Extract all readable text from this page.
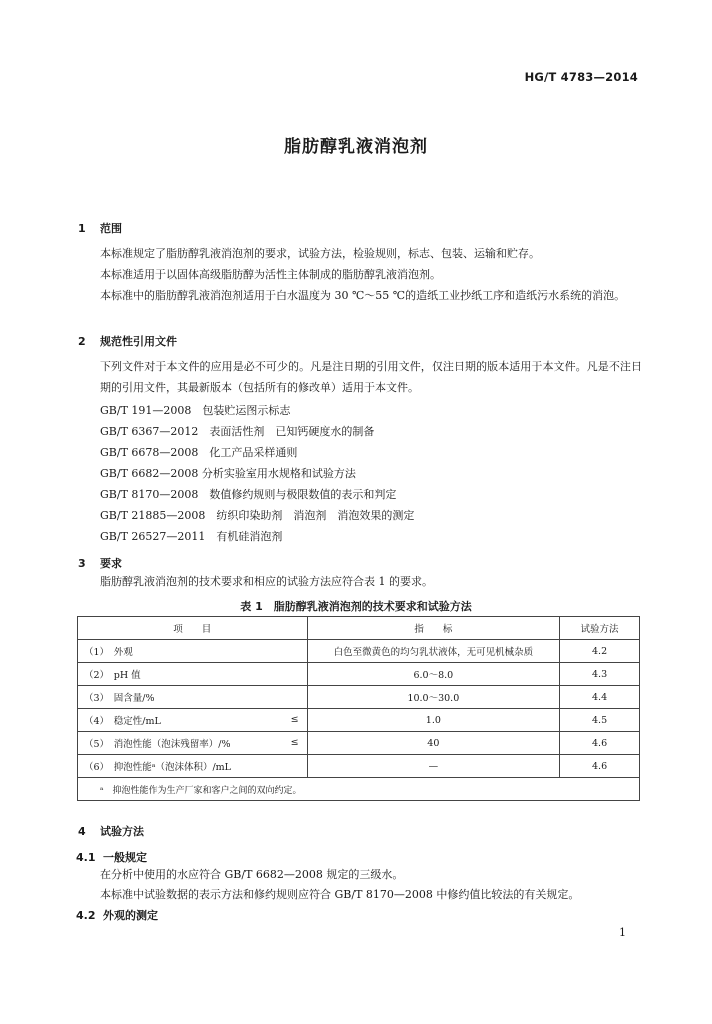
HG/T 4783—2014
脂肪醇乳液消泡剂
1 范围
本标准规定了脂肪醇乳液消泡剂的要求，试验方法，检验规则，标志、包装、运输和贮存。
本标准适用于以固体高级脂肪醇为活性主体制成的脂肪醇乳液消泡剂。
本标准中的脂肪醇乳液消泡剂适用于白水温度为 30 ℃～55 ℃的造纸工业抄纸工序和造纸污水系统的消泡。
2 规范性引用文件
下列文件对于本文件的应用是必不可少的。凡是注日期的引用文件，仅注日期的版本适用于本文件。凡是不注日期的引用文件，其最新版本（包括所有的修改单）适用于本文件。
GB/T 191—2008　包装贮运图示标志
GB/T 6367—2012　表面活性剂　已知钙硬度水的制备
GB/T 6678—2008　化工产品采样通则
GB/T 6682—2008 分析实验室用水规格和试验方法
GB/T 8170—2008　数值修约规则与极限数值的表示和判定
GB/T 21885—2008　纺织印染助剂　消泡剂　消泡效果的测定
GB/T 26527—2011　有机硅消泡剂
3 要求
脂肪醇乳液消泡剂的技术要求和相应的试验方法应符合表 1 的要求。
表 1　脂肪醇乳液消泡剂的技术要求和试验方法
项　　目	指　　标	试验方法
（1）　外观	白色至微黄色的均匀乳状液体，无可见机械杂质	4.2
（2）　pH 值	6.0～8.0	4.3
（3）　固含量/%	10.0～30.0	4.4
（4）　稳定性/mL ≤	1.0	4.5
（5）　消泡性能（泡沫残留率）/% ≤	40	4.6
（6）　抑泡性能ᵃ（泡沫体积）/mL	—	4.6
ᵃ　抑泡性能作为生产厂家和客户之间的双向约定。		
4 试验方法
4.1 一般规定
在分析中使用的水应符合 GB/T 6682—2008 规定的三级水。
本标准中试验数据的表示方法和修约规则应符合 GB/T 8170—2008 中修约值比较法的有关规定。
4.2 外观的测定
1
